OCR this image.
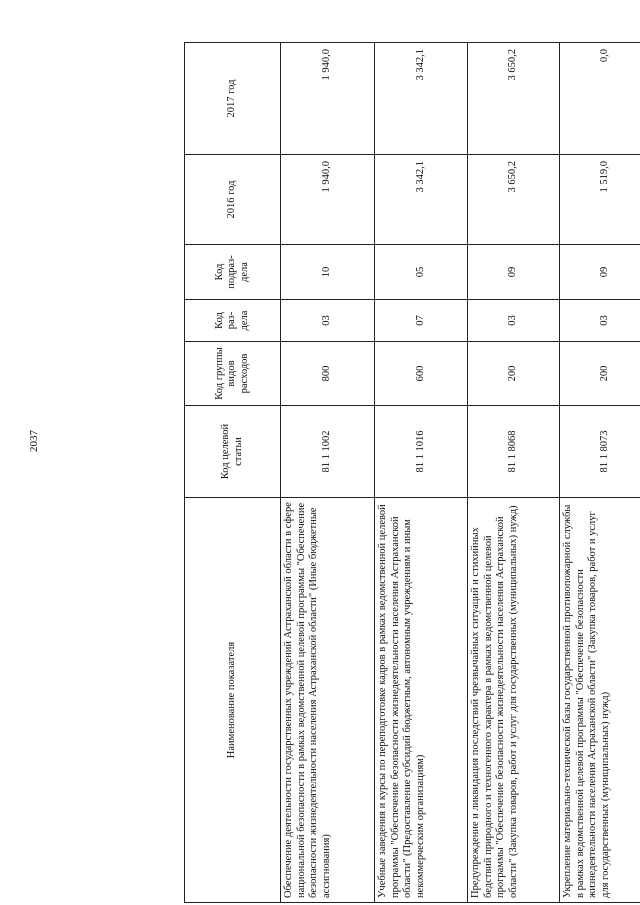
2037
Наименование показателя	Код целевой статьи	Код группы видов расходов	Код раз-дела	Код подраз-дела	2016 год	2017 год
Обеспечение деятельности государственных учреждений Астраханской области в сфере национальной безопасности в рамках ведомственной целевой программы "Обеспечение безопасности жизнедеятельности населения Астраханской области" (Иные бюджетные ассигнования)	81 1 1002	800	03	10	1 940,0	1 940,0
Учебные заведения и курсы по переподготовке кадров в рамках ведомственной целевой программы "Обеспечение безопасности жизнедеятельности населения Астраханской области" (Предоставление субсидий бюджетным, автономным учреждениям и иным некоммерческим организациям)	81 1 1016	600	07	05	3 342,1	3 342,1
Предупреждение и ликвидация последствий чрезвычайных ситуаций и стихийных бедствий природного и техногенного характера в рамках ведомственной целевой программы "Обеспечение безопасности жизнедеятельности населения Астраханской области" (Закупка товаров, работ и услуг для государственных (муниципальных) нужд)	81 1 8068	200	03	09	3 650,2	3 650,2
Укрепление материально-технической базы государственной противопожарной службы в рамках ведомственной целевой программы "Обеспечение безопасности жизнедеятельности населения Астраханской области" (Закупка товаров, работ и услуг для государственных (муниципальных) нужд)	81 1 8073	200	03	09	1 519,0	0,0
